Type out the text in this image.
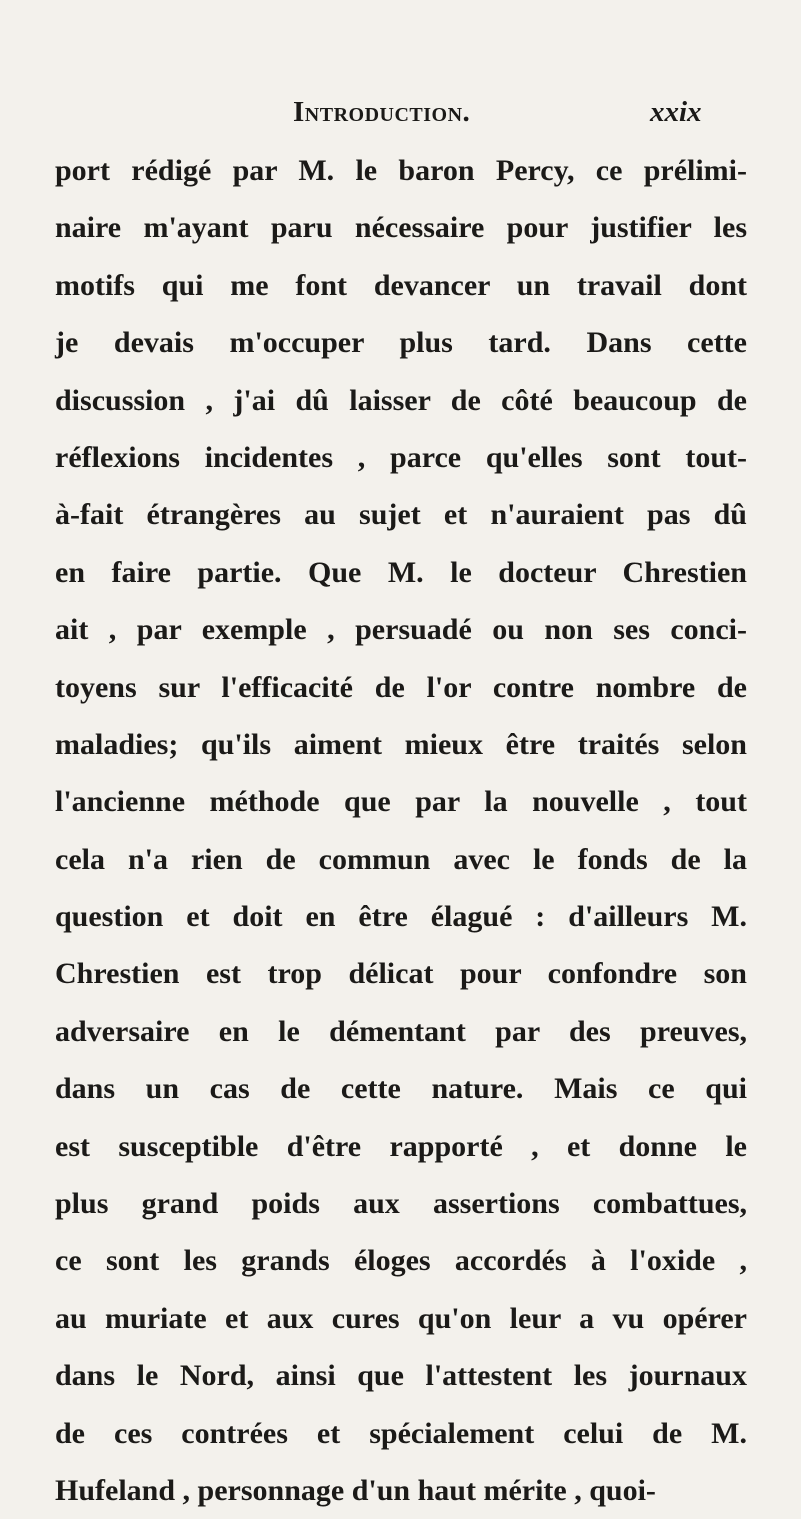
Introduction.	xxix
port rédigé par M. le baron Percy, ce prélimi-
naire m'ayant paru nécessaire pour justifier les
motifs qui me font devancer un travail dont
je devais m'occuper plus tard. Dans cette
discussion , j'ai dû laisser de côté beaucoup de
réflexions incidentes , parce qu'elles sont tout-
à-fait étrangères au sujet et n'auraient pas dû
en faire partie. Que M. le docteur Chrestien
ait , par exemple , persuadé ou non ses conci-
toyens sur l'efficacité de l'or contre nombre de
maladies; qu'ils aiment mieux être traités selon
l'ancienne méthode que par la nouvelle , tout
cela n'a rien de commun avec le fonds de la
question et doit en être élagué : d'ailleurs M.
Chrestien est trop délicat pour confondre son
adversaire en le démentant par des preuves,
dans un cas de cette nature. Mais ce qui
est susceptible d'être rapporté , et donne le
plus grand poids aux assertions combattues,
ce sont les grands éloges accordés à l'oxide ,
au muriate et aux cures qu'on leur a vu opérer
dans le Nord, ainsi que l'attestent les journaux
de ces contrées et spécialement celui de M.
Hufeland , personnage d'un haut mérite , quoi-
